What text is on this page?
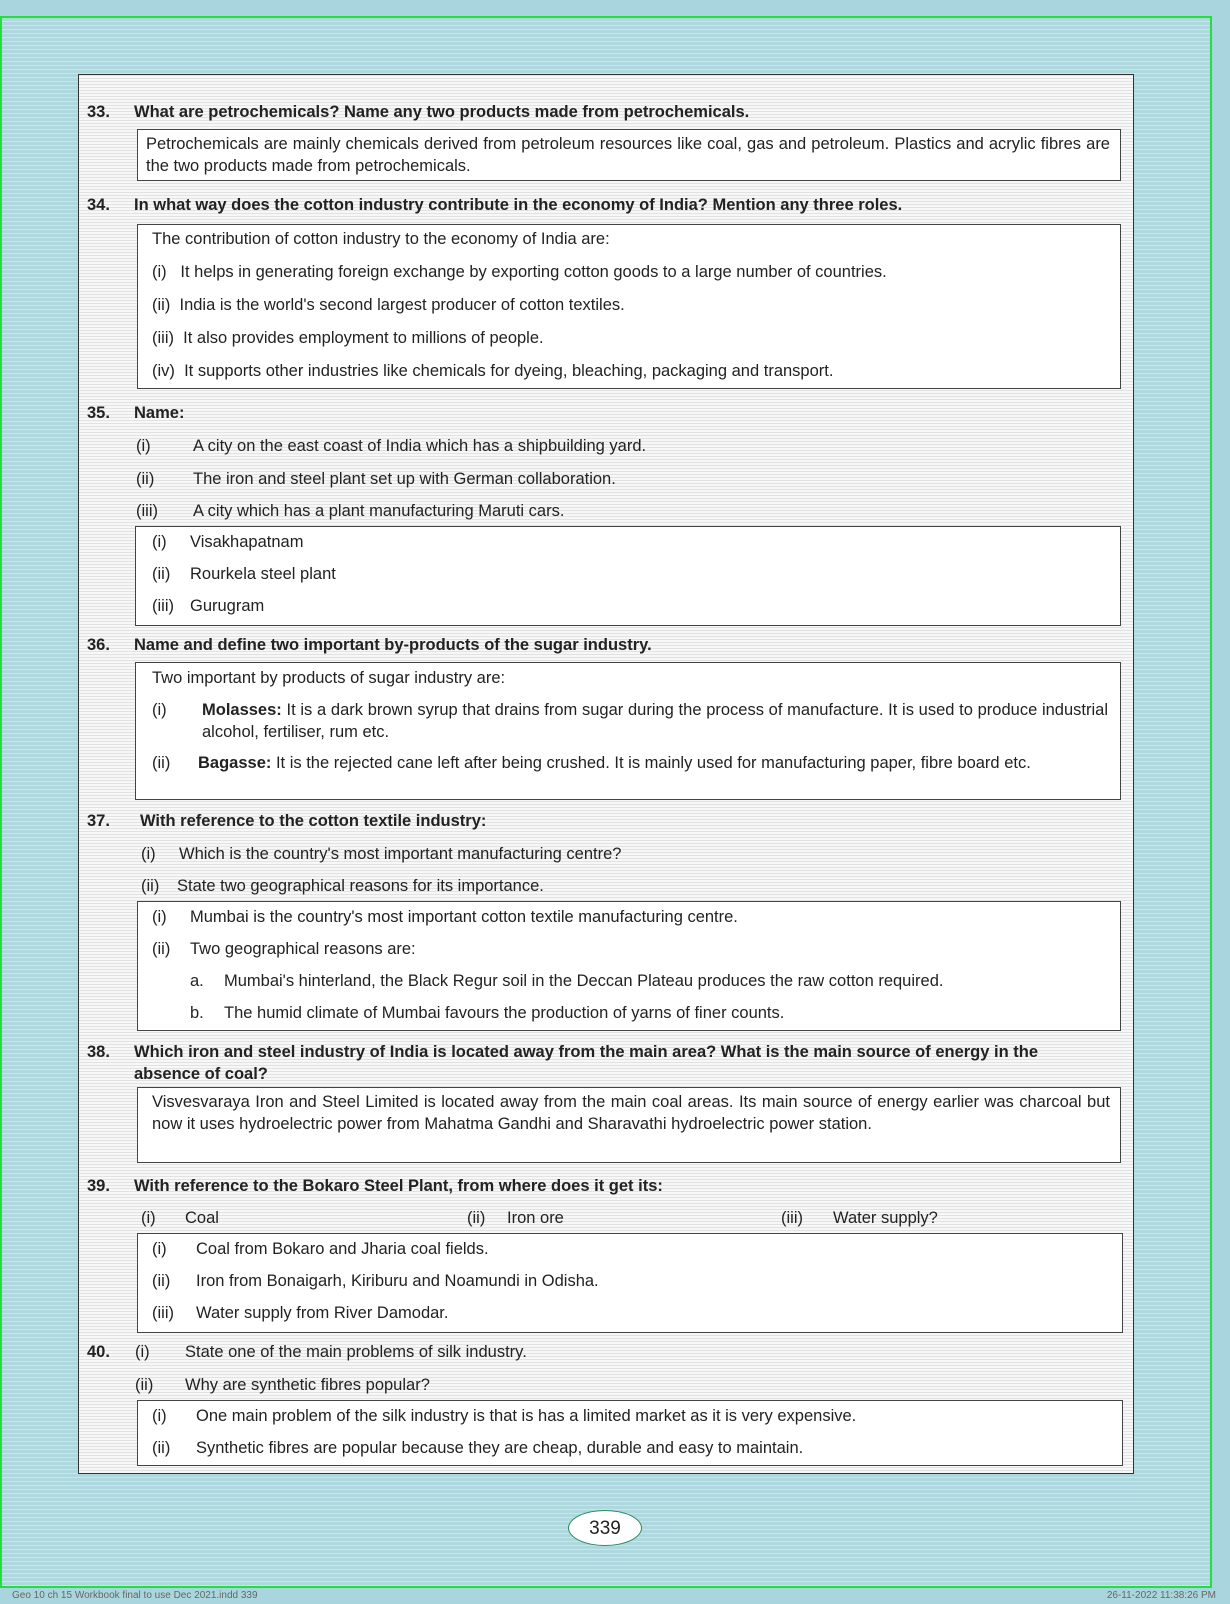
33.	What are petrochemicals? Name any two products made from petrochemicals.
Petrochemicals are mainly chemicals derived from petroleum resources like coal, gas and petroleum. Plastics and acrylic fibres are the two products made from petrochemicals.
34.	In what way does the cotton industry contribute in the economy of India? Mention any three roles.
The contribution of cotton industry to the economy of India are:
(i) It helps in generating foreign exchange by exporting cotton goods to a large number of countries.
(ii) India is the world's second largest producer of cotton textiles.
(iii) It also provides employment to millions of people.
(iv) It supports other industries like chemicals for dyeing, bleaching, packaging and transport.
35.	Name:
(i)	A city on the east coast of India which has a shipbuilding yard.
(ii) The iron and steel plant set up with German collaboration.
(iii) A city which has a plant manufacturing Maruti cars.
(i) Visakhapatnam
(ii) Rourkela steel plant
(iii) Gurugram
36.	Name and define two important by-products of the sugar industry.
Two important by products of sugar industry are:
(i) Molasses: It is a dark brown syrup that drains from sugar during the process of manufacture. It is used to produce industrial alcohol, fertiliser, rum etc.
(ii) Bagasse: It is the rejected cane left after being crushed. It is mainly used for manufacturing paper, fibre board etc.
37.	With reference to the cotton textile industry:
(i) Which is the country's most important manufacturing centre?
(ii) State two geographical reasons for its importance.
(i) Mumbai is the country's most important cotton textile manufacturing centre.
(ii) Two geographical reasons are:
a. Mumbai's hinterland, the Black Regur soil in the Deccan Plateau produces the raw cotton required.
b. The humid climate of Mumbai favours the production of yarns of finer counts.
38.	Which iron and steel industry of India is located away from the main area? What is the main source of energy in the absence of coal?
Visvesvaraya Iron and Steel Limited is located away from the main coal areas. Its main source of energy earlier was charcoal but now it uses hydroelectric power from Mahatma Gandhi and Sharavathi hydroelectric power station.
39.	With reference to the Bokaro Steel Plant, from where does it get its:
(i) Coal	(ii) Iron ore	(iii) Water supply?
(i) Coal from Bokaro and Jharia coal fields.
(ii) Iron from Bonaigarh, Kiriburu and Noamundi in Odisha.
(iii) Water supply from River Damodar.
40.	(i) State one of the main problems of silk industry.
(ii) Why are synthetic fibres popular?
(i) One main problem of the silk industry is that is has a limited market as it is very expensive.
(ii) Synthetic fibres are popular because they are cheap, durable and easy to maintain.
339
Geo 10 ch 15 Workbook final to use Dec 2021.indd 339	26-11-2022 11:38:26 PM
